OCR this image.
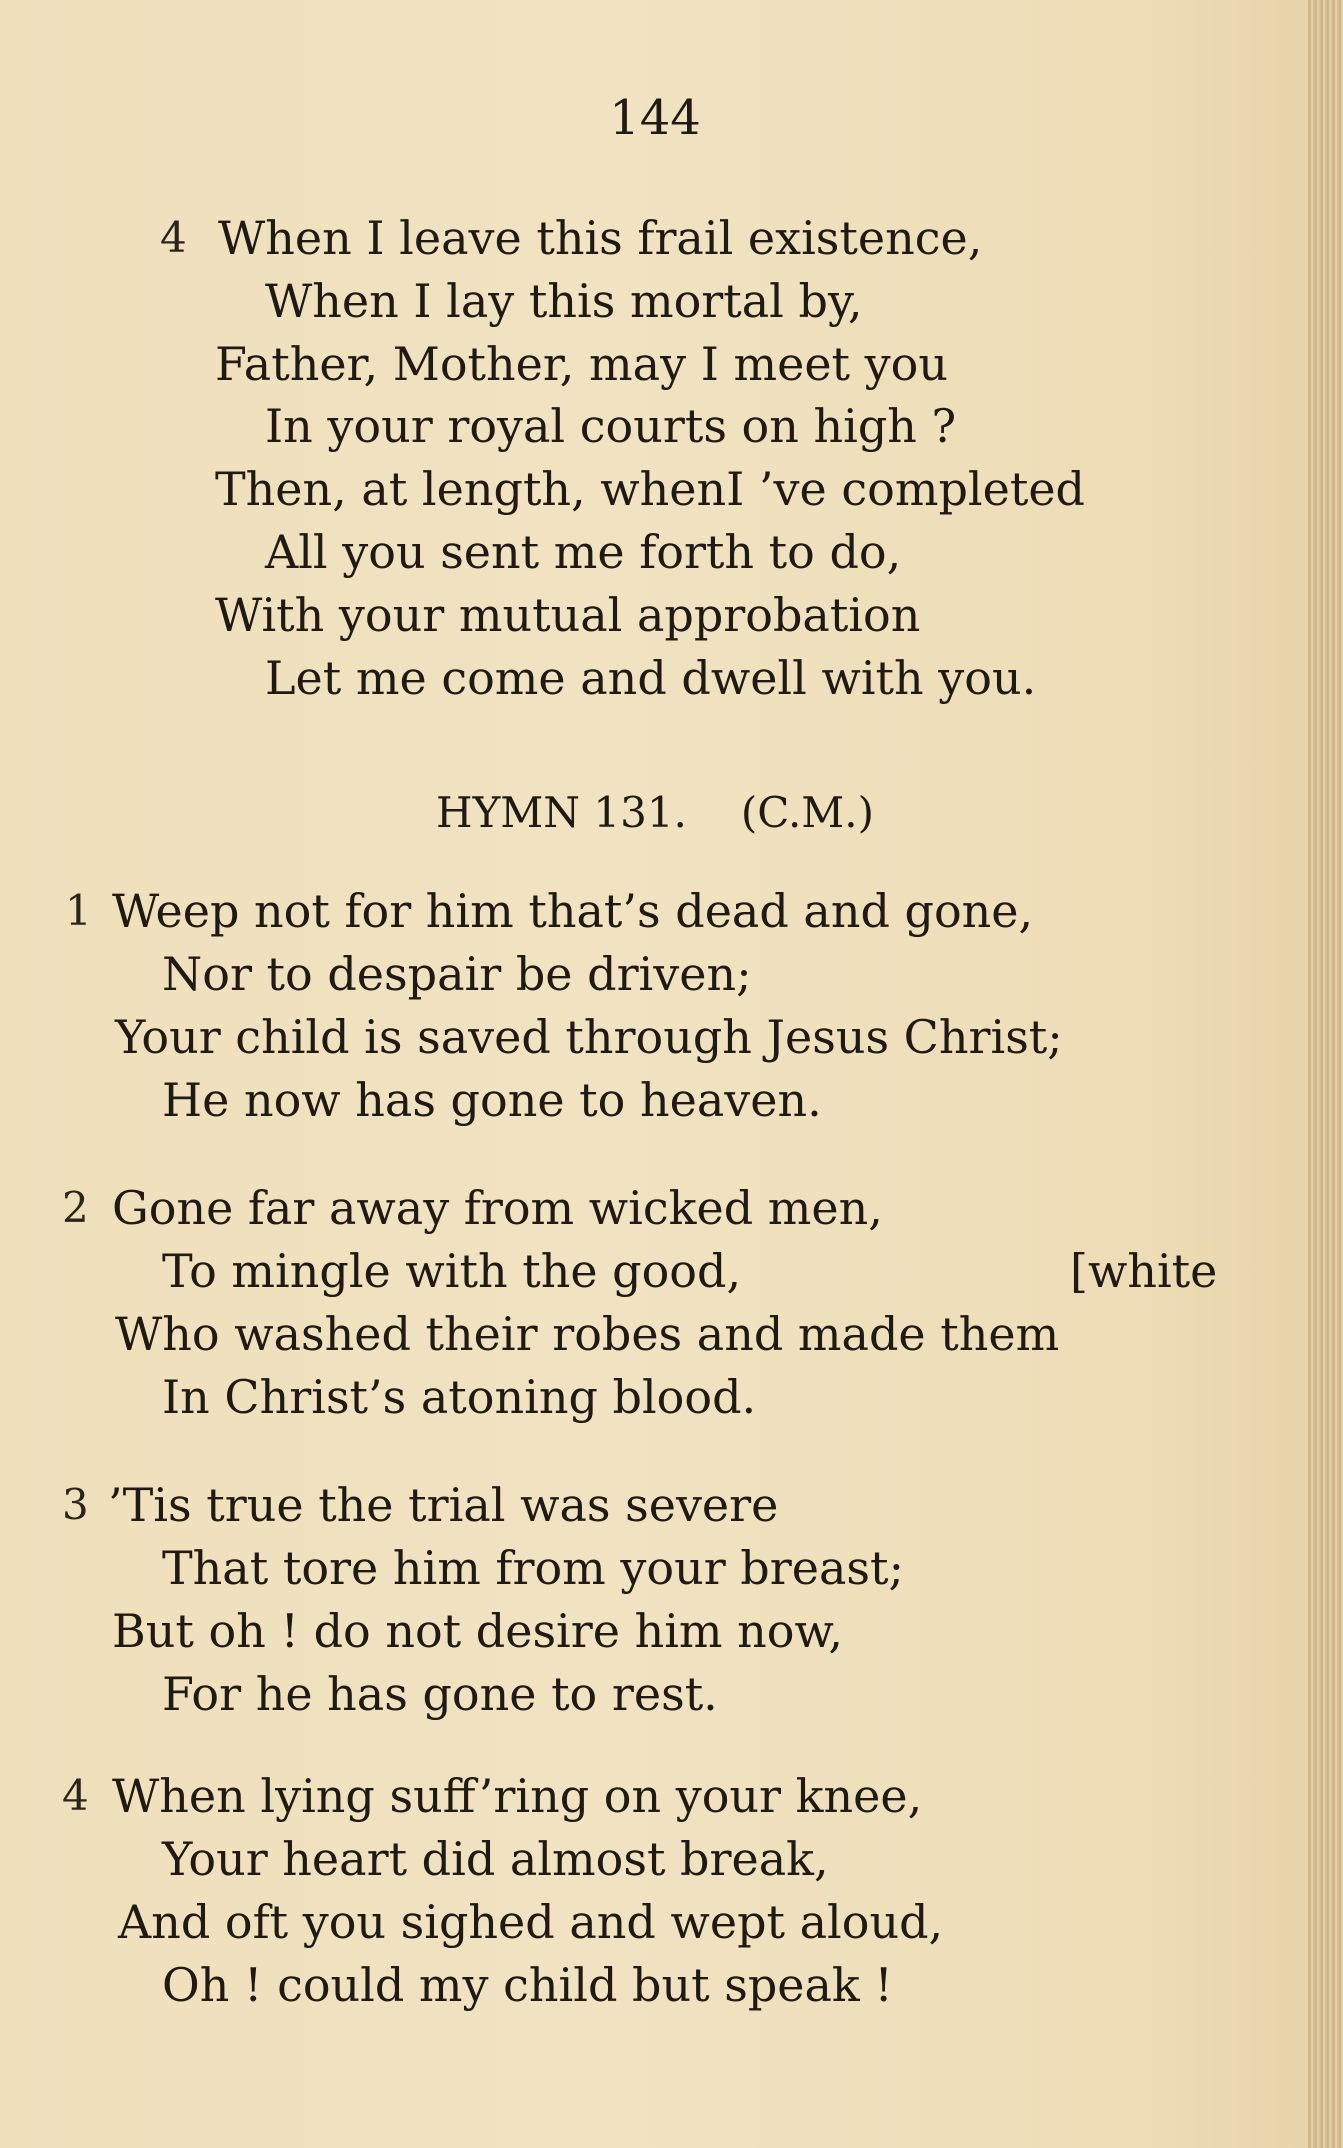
144
4 When I leave this frail existence,
When I lay this mortal by,
Father, Mother, may I meet you
In your royal courts on high ?
Then, at length, whenI ’ve completed
All you sent me forth to do,
With your mutual approbation
Let me come and dwell with you.
HYMN 131. (C.M.)
1 Weep not for him that’s dead and gone,
Nor to despair be driven;
Your child is saved through Jesus Christ;
He now has gone to heaven.
2 Gone far away from wicked men,
To mingle with the good,	[white
Who washed their robes and made them
In Christ’s atoning blood.
3 ’Tis true the trial was severe
That tore him from your breast;
But oh ! do not desire him now,
For he has gone to rest.
4 When lying suff’ring on your knee,
Your heart did almost break,
And oft you sighed and wept aloud,
Oh ! could my child but speak !
